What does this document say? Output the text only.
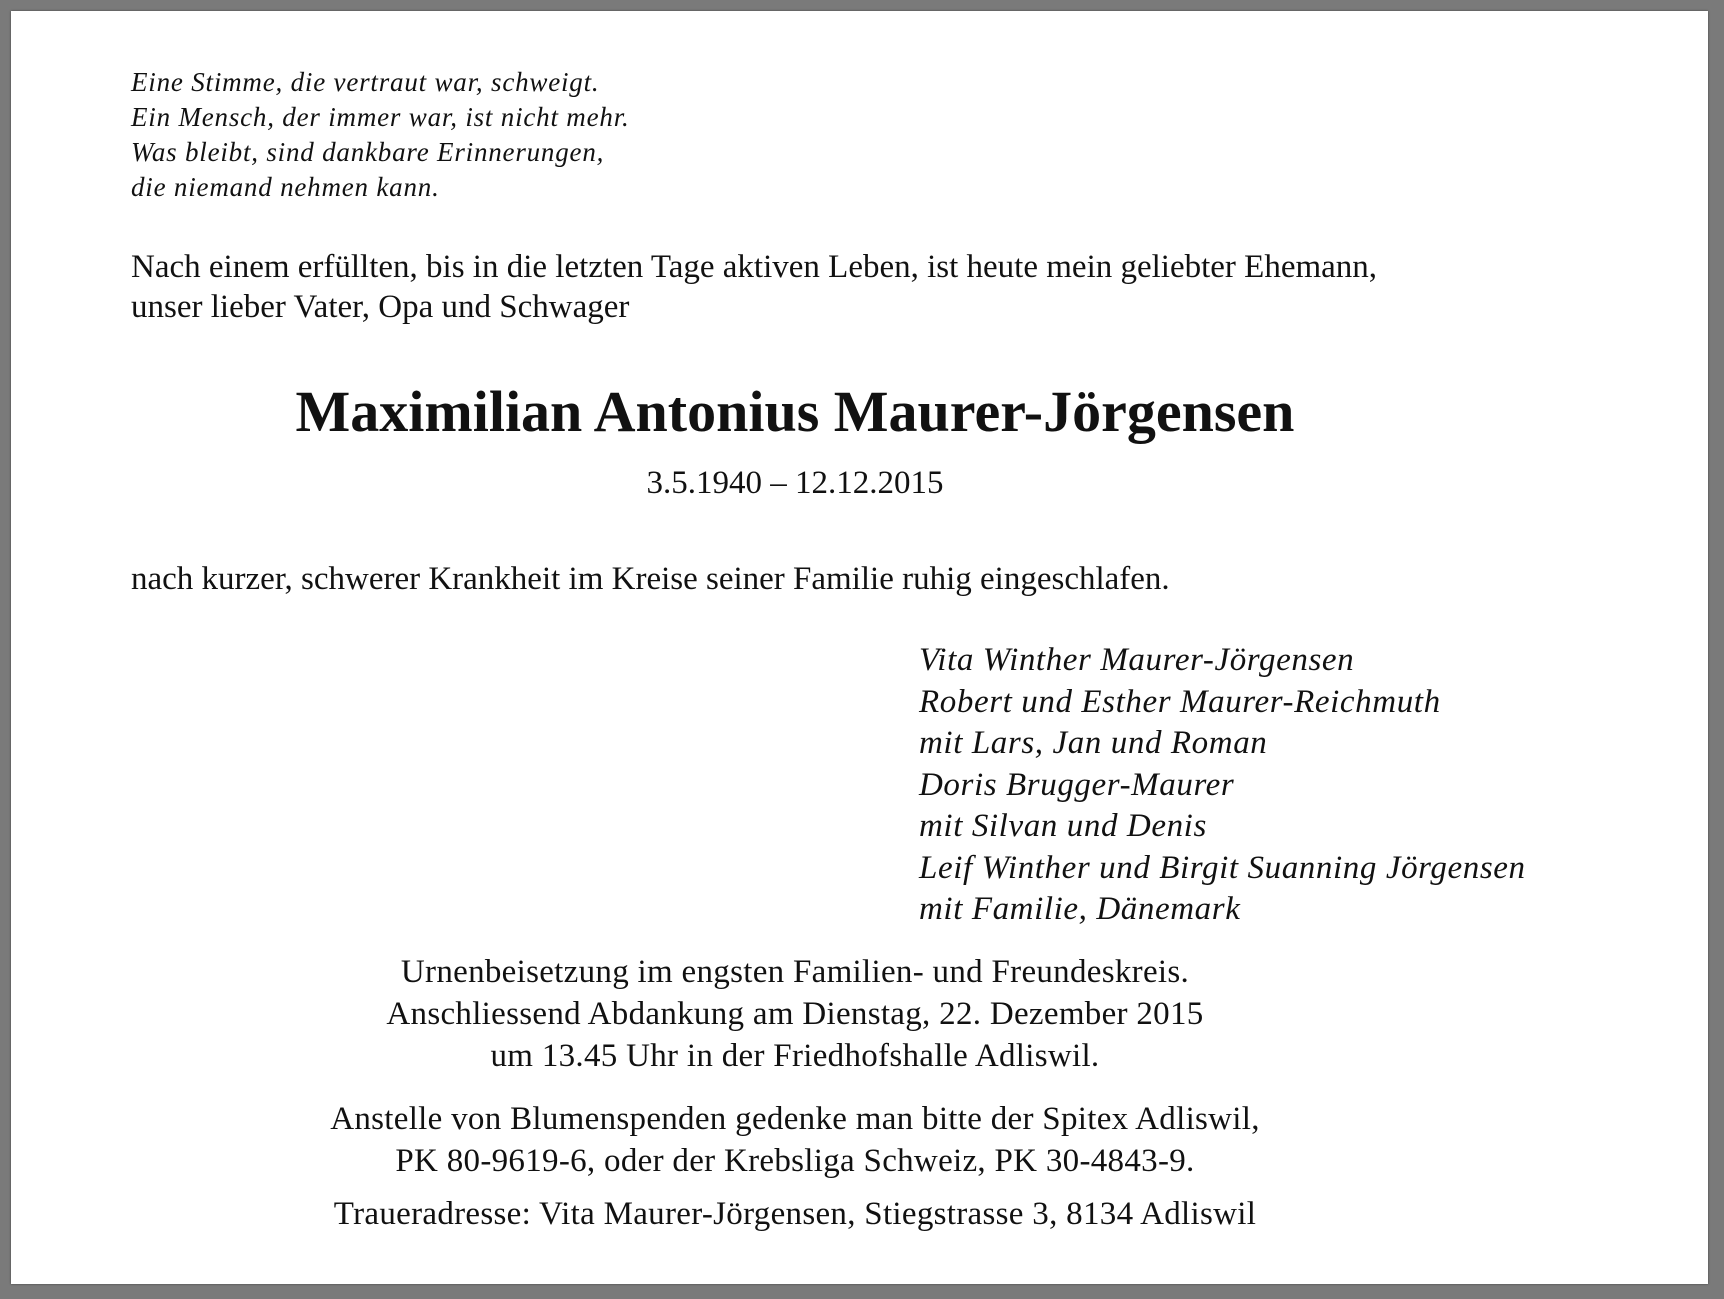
Eine Stimme, die vertraut war, schweigt.
Ein Mensch, der immer war, ist nicht mehr.
Was bleibt, sind dankbare Erinnerungen,
die niemand nehmen kann.
Nach einem erfüllten, bis in die letzten Tage aktiven Leben, ist heute mein geliebter Ehemann,
unser lieber Vater, Opa und Schwager
Maximilian Antonius Maurer-Jörgensen
3.5.1940 – 12.12.2015
nach kurzer, schwerer Krankheit im Kreise seiner Familie ruhig eingeschlafen.
Vita Winther Maurer-Jörgensen
Robert und Esther Maurer-Reichmuth
mit Lars, Jan und Roman
Doris Brugger-Maurer
mit Silvan und Denis
Leif Winther und Birgit Suanning Jörgensen
mit Familie, Dänemark
Urnenbeisetzung im engsten Familien- und Freundeskreis.
Anschliessend Abdankung am Dienstag, 22. Dezember 2015
um 13.45 Uhr in der Friedhofshalle Adliswil.
Anstelle von Blumenspenden gedenke man bitte der Spitex Adliswil,
PK 80-9619-6, oder der Krebsliga Schweiz, PK 30-4843-9.
Traueradresse: Vita Maurer-Jörgensen, Stiegstrasse 3, 8134 Adliswil
